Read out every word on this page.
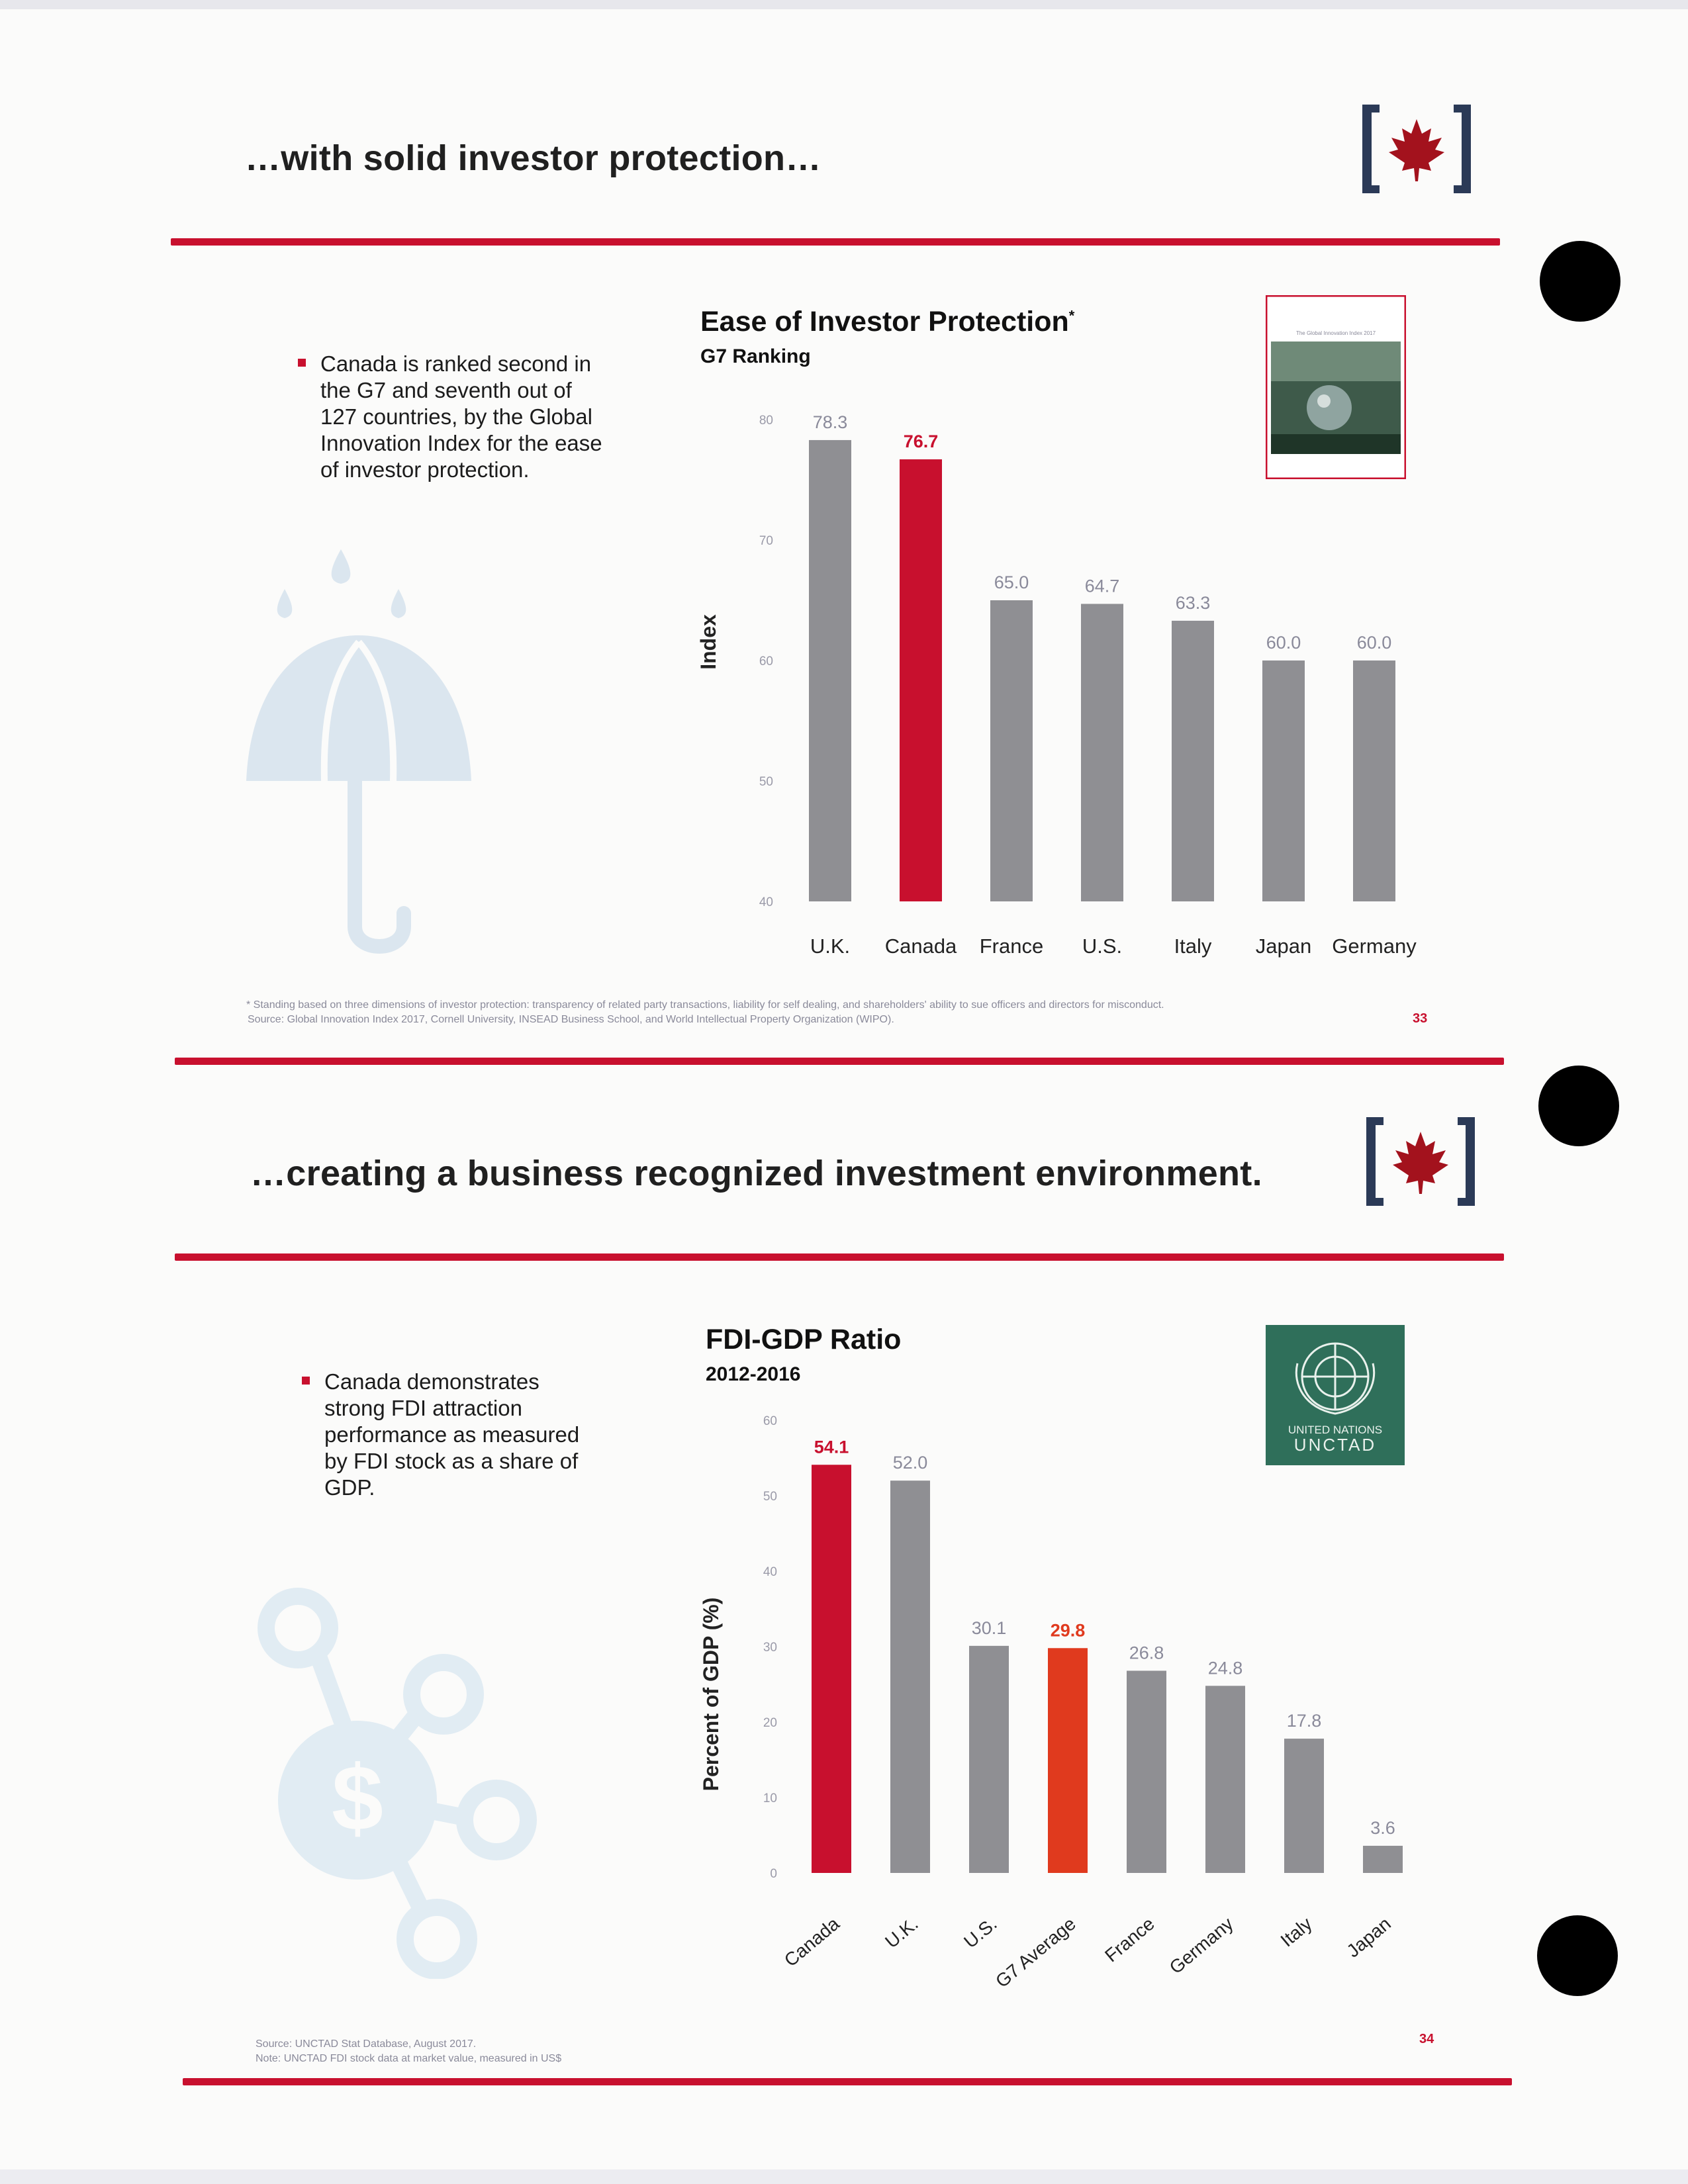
…with solid investor protection…
Canada is ranked second in the G7 and seventh out of 127 countries, by the Global Innovation Index for the ease of investor protection.
Ease of Investor Protection*
G7 Ranking
The Global Innovation Index 2017
40
50
60
70
80 78.3
76.7
65.0	64.7
63.3
60.0	60.0
U.K. Canada France U.S.	Italy Japan Germany
Index
* Standing based on three dimensions of investor protection: transparency of related party transactions, liability for self dealing, and shareholders' ability to sue officers and directors for misconduct.
Source: Global Innovation Index 2017, Cornell University, INSEAD Business School, and World Intellectual Property Organization (WIPO).	33
…creating a business recognized investment environment.
Canada demonstrates strong FDI attraction performance as measured by FDI stock as a share of GDP.
$
FDI-GDP Ratio
2012-2016
UNITED NATIONS
UNCTAD
0
10
20
30
40
50
60
54.1
52.0
30.1 29.8
26.8
24.8
17.8
3.6
Canada U.K. U.S.
G7 Average France Germany Italy Japan
Percent of GDP (%)
Source: UNCTAD Stat Database, August 2017.
Note: UNCTAD FDI stock data at market value, measured in US$
34
